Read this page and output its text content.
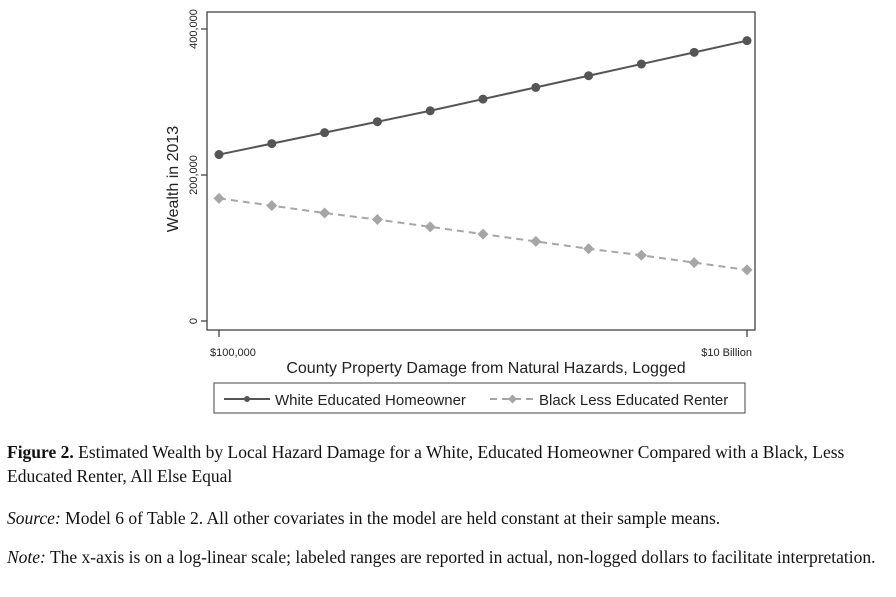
0
200,000
400,000
$100,000	$10 Billion
County Property Damage from Natural Hazards, Logged
Wealth in 2013
White Educated Homeowner	Black Less Educated Renter
Figure 2. Estimated Wealth by Local Hazard Damage for a White, Educated Homeowner Compared with a Black, Less Educated Renter, All Else Equal
Source: Model 6 of Table 2. All other covariates in the model are held constant at their sample means.
Note: The x-axis is on a log-linear scale; labeled ranges are reported in actual, non-logged dollars to facilitate interpretation.
